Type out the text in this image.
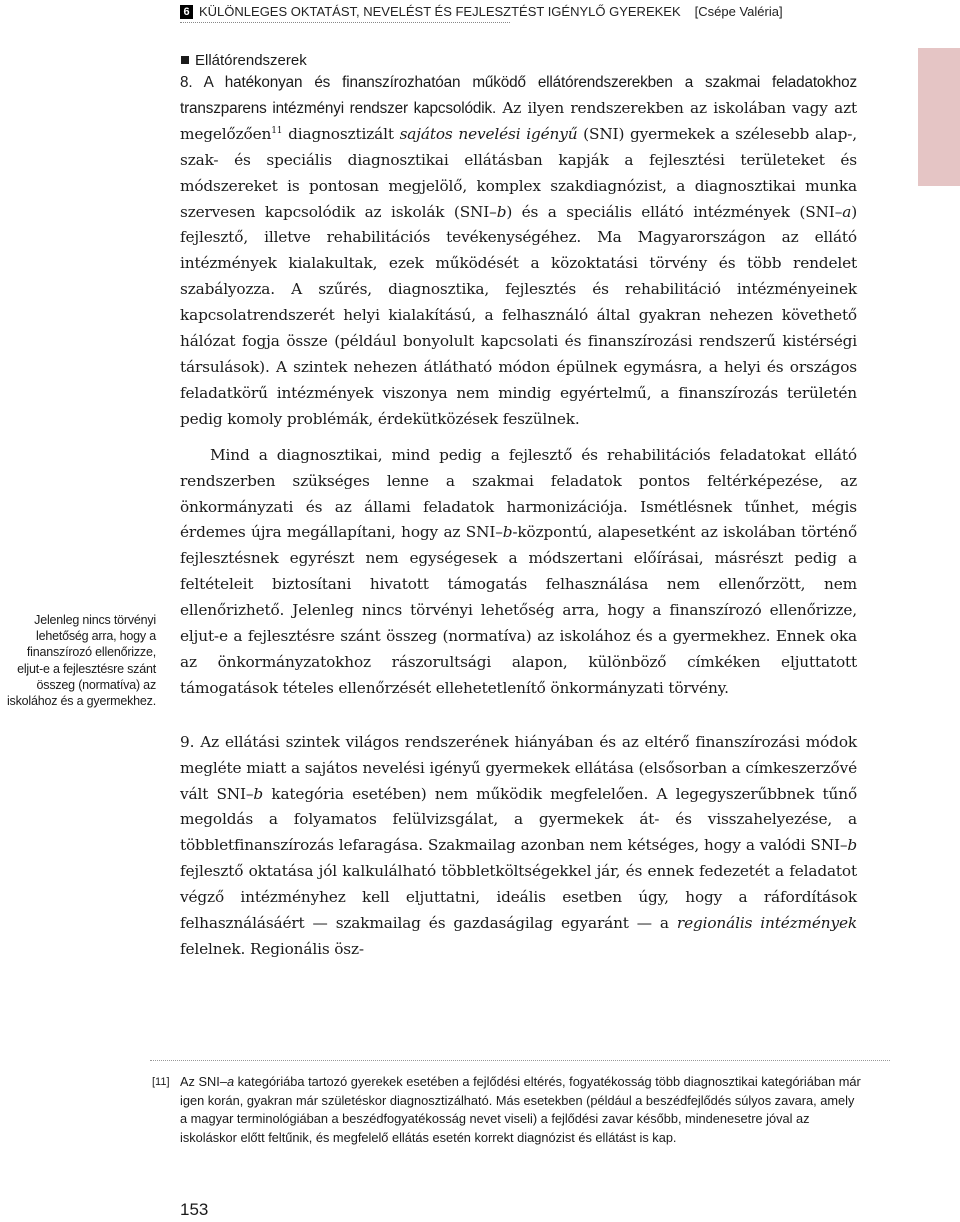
6 KÜLÖNLEGES OKTATÁST, NEVELÉST ÉS FEJLESZTÉST IGÉNYLŐ GYEREKEK [Csépe Valéria]
Jelenleg nincs törvényi lehetőség arra, hogy a finanszírozó ellenőrizze, eljut-e a fejlesztésre szánt összeg (normatíva) az iskolához és a gyermekhez.
Ellátórendszerek

8. A hatékonyan és finanszírozhatóan működő ellátórendszerekben a szakmai feladatokhoz transzparens intézményi rendszer kapcsolódik. Az ilyen rendszerekben az iskolában vagy azt megelőzően$^{11}$ diagnosztizált sajátos nevelési igényű (SNI) gyermekek a szélesebb alap-, szak- és speciális diagnosztikai ellátásban kapják a fejlesztési területeket és módszereket is pontosan megjelölő, komplex szakdiagnózist, a diagnosztikai munka szervesen kapcsolódik az iskolák (SNI–b) és a speciális ellátó intézmények (SNI–a) fejlesztő, illetve rehabilitációs tevékenységéhez. Ma Magyarországon az ellátó intézmények kialakultak, ezek működését a közoktatási törvény és több rendelet szabályozza. A szűrés, diagnosztika, fejlesztés és rehabilitáció intézményeinek kapcsolatrendszerét helyi kialakítású, a felhasználó által gyakran nehezen követhető hálózat fogja össze (például bonyolult kapcsolati és finanszírozási rendszerű kistérségi társulások). A szintek nehezen átlátható módon épülnek egymásra, a helyi és országos feladatkörű intézmények viszonya nem mindig egyértelmű, a finanszírozás területén pedig komoly problémák, érdekütközések feszülnek.

Mind a diagnosztikai, mind pedig a fejlesztő és rehabilitációs feladatokat ellátó rendszerben szükséges lenne a szakmai feladatok pontos feltérképezése, az önkormányzati és az állami feladatok harmonizációja. Ismétlésnek tűnhet, mégis érdemes újra megállapítani, hogy az SNI–b-központú, alapesetként az iskolában történő fejlesztésnek egyrészt nem egységesek a módszertani előírásai, másrészt pedig a feltételeit biztosítani hivatott támogatás felhasználása nem ellenőrzött, nem ellenőrizhető. Jelenleg nincs törvényi lehetőség arra, hogy a finanszírozó ellenőrizze, eljut-e a fejlesztésre szánt összeg (normatíva) az iskolához és a gyermekhez. Ennek oka az önkormányzatokhoz rászorultsági alapon, különböző címkéken eljuttatott támogatások tételes ellenőrzését ellehetetlenítő önkormányzati törvény.

9. Az ellátási szintek világos rendszerének hiányában és az eltérő finanszírozási módok megléte miatt a sajátos nevelési igényű gyermekek ellátása (elsősorban a címkeszerzővé vált SNI–b kategória esetében) nem működik megfelelően. A legegyszerűbbnek tűnő megoldás a folyamatos felülvizsgálat, a gyermekek át- és visszahelyezése, a többletfinanszírozás lefaragása. Szakmailag azonban nem kétséges, hogy a valódi SNI–b fejlesztő oktatása jól kalkulálható többletköltségekkel jár, és ennek fedezetét a feladatot végző intézményhez kell eljuttatni, ideális esetben úgy, hogy a ráfordítások felhasználásáért — szakmailag és gazdaságilag egyaránt — a regionális intézmények felelnek. Regionális ösz-

[11] Az SNI–a kategóriába tartozó gyerekek esetében a fejlődési eltérés, fogyatékosság több diagnosztikai kategóriában már igen korán, gyakran már születéskor diagnosztizálható. Más esetekben (például a beszédfejlődés súlyos zavara, amely a magyar terminológiában a beszédfogyatékosság nevet viseli) a fejlődési zavar később, mindenesetre jóval az iskoláskor előtt feltűnik, és megfelelő ellátás esetén korrekt diagnózist és ellátást is kap.
153
